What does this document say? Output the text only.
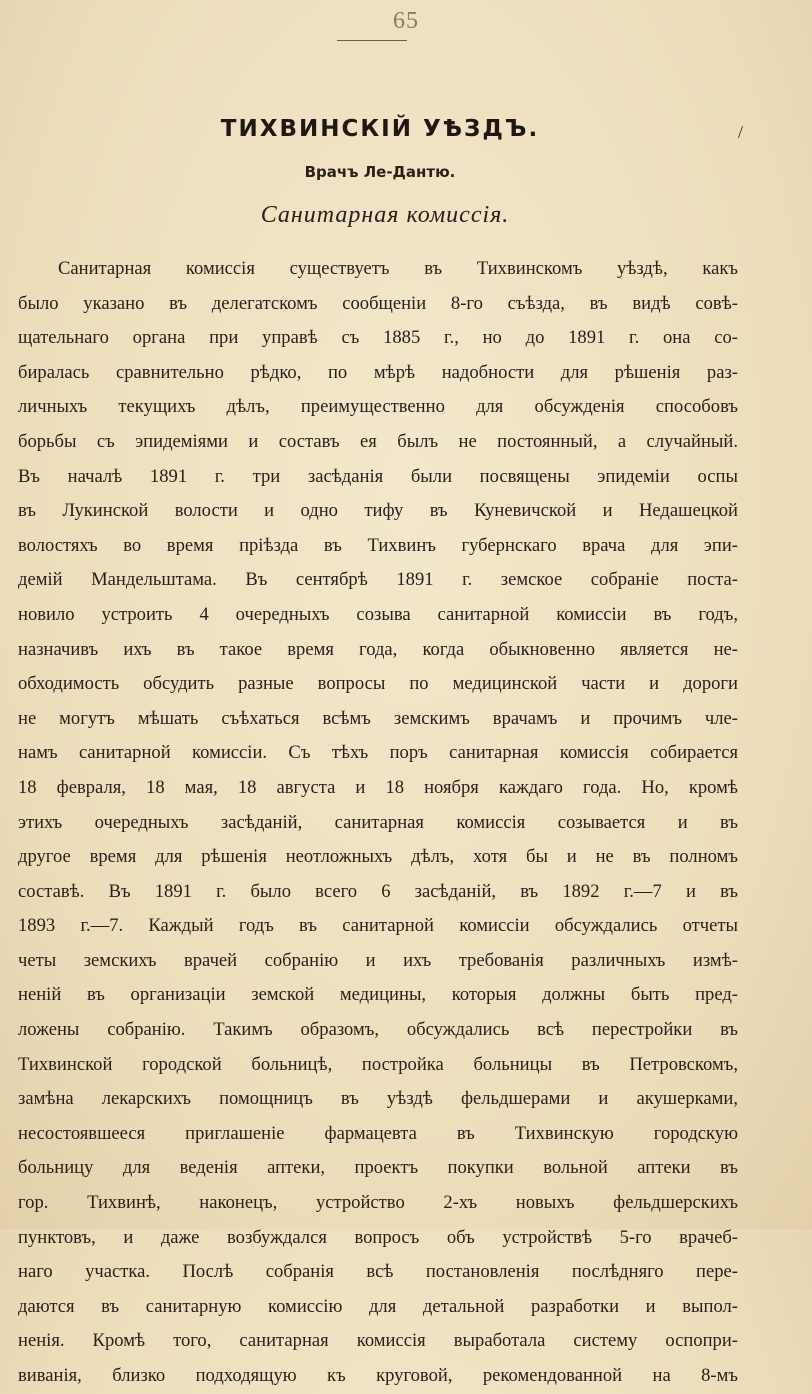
65
ТИХВИНСКІЙ УѢЗДЪ.	/
Врачъ Ле-Дантю.
Санитарная комиссія.
Санитарная комиссія существуетъ въ Тихвинскомъ уѣздѣ, какъ
было указано въ делегатскомъ сообщеніи 8-го съѣзда, въ видѣ совѣ-
щательнаго органа при управѣ съ 1885 г., но до 1891 г. она со-
биралась сравнительно рѣдко, по мѣрѣ надобности для рѣшенія раз-
личныхъ текущихъ дѣлъ, преимущественно для обсужденія способовъ
борьбы съ эпидеміями и составъ ея былъ не постоянный, а случайный.
Въ началѣ 1891 г. три засѣданія были посвящены эпидеміи оспы
въ Лукинской волости и одно тифу въ Куневичской и Недашецкой
волостяхъ во время пріѣзда въ Тихвинъ губернскаго врача для эпи-
демій Мандельштама. Въ сентябрѣ 1891 г. земское собраніе поста-
новило устроить 4 очередныхъ созыва санитарной комиссіи въ годъ,
назначивъ ихъ въ такое время года, когда обыкновенно является не-
обходимость обсудить разные вопросы по медицинской части и дороги
не могутъ мѣшать съѣхаться всѣмъ земскимъ врачамъ и прочимъ чле-
намъ санитарной комиссіи. Съ тѣхъ поръ санитарная комиссія собирается
18 февраля, 18 мая, 18 августа и 18 ноября каждаго года. Но, кромѣ
этихъ очередныхъ засѣданій, санитарная комиссія созывается и въ
другое время для рѣшенія неотложныхъ дѣлъ, хотя бы и не въ полномъ
составѣ. Въ 1891 г. было всего 6 засѣданій, въ 1892 г.—7 и въ
1893 г.—7. Каждый годъ въ санитарной комиссіи обсуждались отчеты
четы земскихъ врачей собранію и ихъ требованія различныхъ измѣ-
неній въ организаціи земской медицины, которыя должны быть пред-
ложены собранію. Такимъ образомъ, обсуждались всѣ перестройки въ
Тихвинской городской больницѣ, постройка больницы въ Петровскомъ,
замѣна лекарскихъ помощницъ въ уѣздѣ фельдшерами и акушерками,
несостоявшееся приглашеніе фармацевта въ Тихвинскую городскую
больницу для веденія аптеки, проектъ покупки вольной аптеки въ
гор. Тихвинѣ, наконецъ, устройство 2-хъ новыхъ фельдшерскихъ
пунктовъ, и даже возбуждался вопросъ объ устройствѣ 5-го врачеб-
наго участка. Послѣ собранія всѣ постановленія послѣдняго пере-
даются въ санитарную комиссію для детальной разработки и выпол-
ненія. Кромѣ того, санитарная комиссія выработала систему оспопри-
виванія, близко подходящую къ круговой, рекомендованной на 8-мъ
